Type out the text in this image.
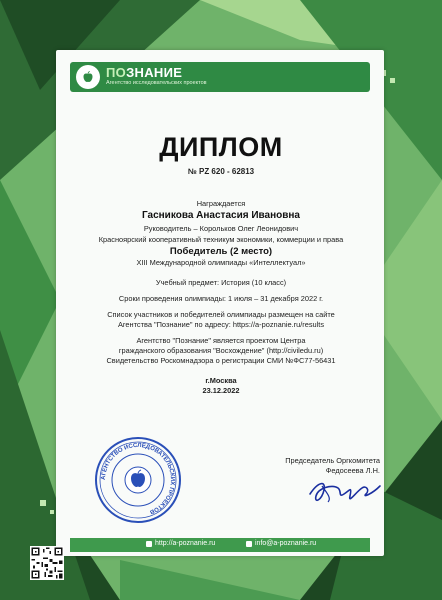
ПОЗНАНИЕ
Агентство исследовательских проектов
ДИПЛОМ
№ PZ 620 - 62813
Награждается
Гасникова Анастасия Ивановна
Руководитель – Корольков Олег Леонидович
Красноярский кооперативный техникум экономики, коммерции и права
Победитель (2 место)
XIII Международной олимпиады «Интеллектуал»
Учебный предмет: История (10 класс)
Сроки проведения олимпиады: 1 июля – 31 декабря 2022 г.
Список участников и победителей олимпиады размещен на сайте
Агентства "Познание" по адресу: https://a-poznanie.ru/results
Агентство "Познание" является проектом Центра
гражданского образования "Восхождение" (http://civiledu.ru)
Свидетельство Роскомнадзора о регистрации СМИ №ФС77-56431
г.Москва
23.12.2022
АГЕНТСТВО ИССЛЕДОВАТЕЛЬСКИХ ПРОЕКТОВ
Председатель Оргкомитета
Федосеева Л.Н.
http://a-poznanie.ru	info@a-poznanie.ru
